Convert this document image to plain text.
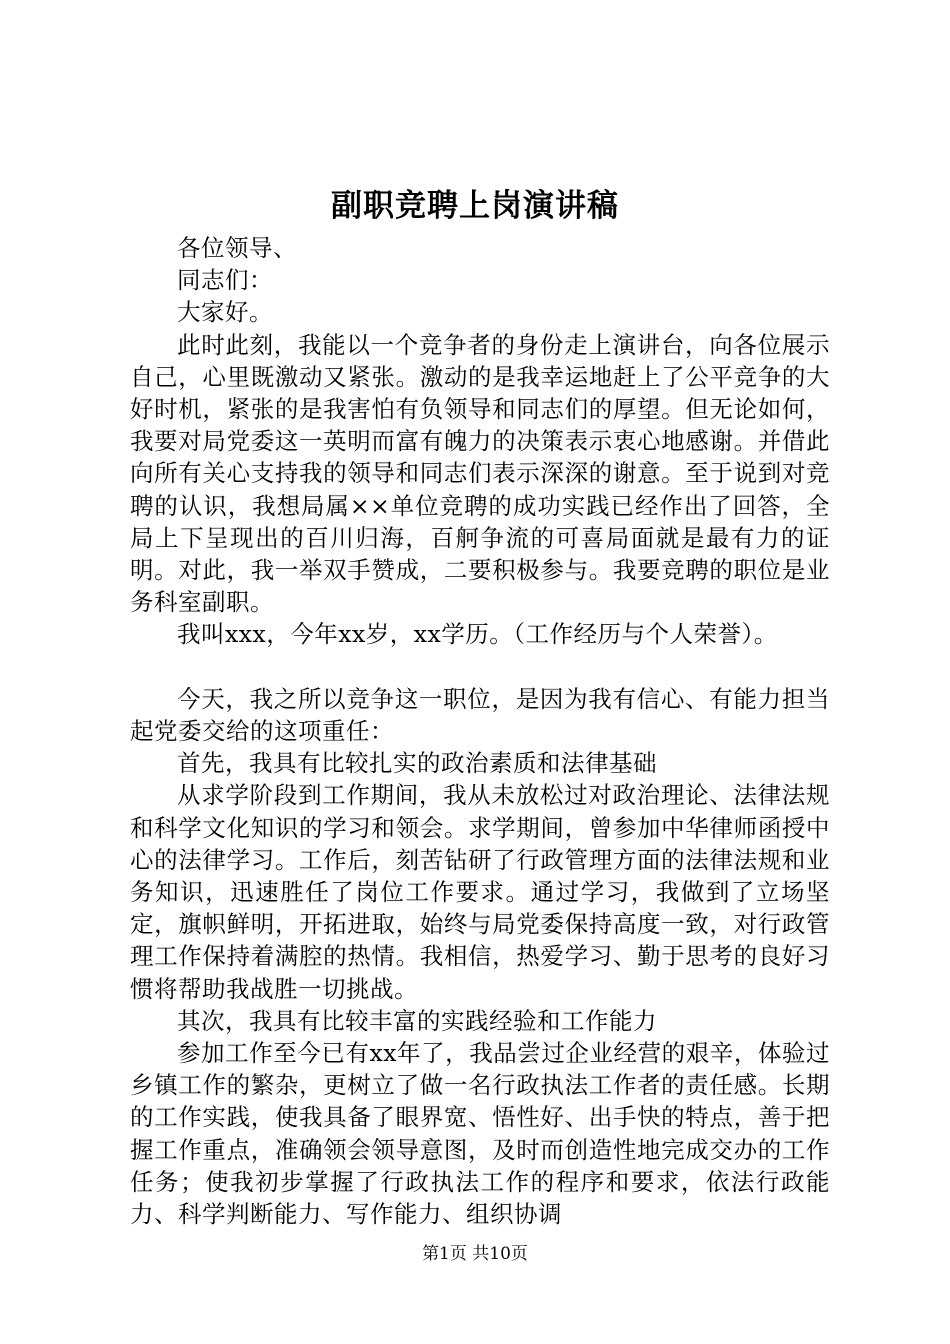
副职竞聘上岗演讲稿

各位领导、

同志们：

大家好。

此时此刻，我能以一个竞争者的身份走上演讲台，向各位展示自己，心里既激动又紧张。激动的是我幸运地赶上了公平竞争的大好时机，紧张的是我害怕有负领导和同志们的厚望。但无论如何，我要对局党委这一英明而富有魄力的决策表示衷心地感谢。并借此向所有关心支持我的领导和同志们表示深深的谢意。至于说到对竞聘的认识，我想局属××单位竞聘的成功实践已经作出了回答，全局上下呈现出的百川归海，百舸争流的可喜局面就是最有力的证明。对此，我一举双手赞成，二要积极参与。我要竞聘的职位是业务科室副职。

我叫xxx，今年xx岁，xx学历。（工作经历与个人荣誉）。

今天，我之所以竞争这一职位，是因为我有信心、有能力担当起党委交给的这项重任：

首先，我具有比较扎实的政治素质和法律基础

从求学阶段到工作期间，我从未放松过对政治理论、法律法规和科学文化知识的学习和领会。求学期间，曾参加中华律师函授中心的法律学习。工作后，刻苦钻研了行政管理方面的法律法规和业务知识，迅速胜任了岗位工作要求。通过学习，我做到了立场坚定，旗帜鲜明，开拓进取，始终与局党委保持高度一致，对行政管理工作保持着满腔的热情。我相信，热爱学习、勤于思考的良好习惯将帮助我战胜一切挑战。

其次，我具有比较丰富的实践经验和工作能力

参加工作至今已有xx年了，我品尝过企业经营的艰辛，体验过乡镇工作的繁杂，更树立了做一名行政执法工作者的责任感。长期的工作实践，使我具备了眼界宽、悟性好、出手快的特点，善于把握工作重点，准确领会领导意图，及时而创造性地完成交办的工作任务；使我初步掌握了行政执法工作的程序和要求，依法行政能力、科学判断能力、写作能力、组织协调

第1页 共10页
